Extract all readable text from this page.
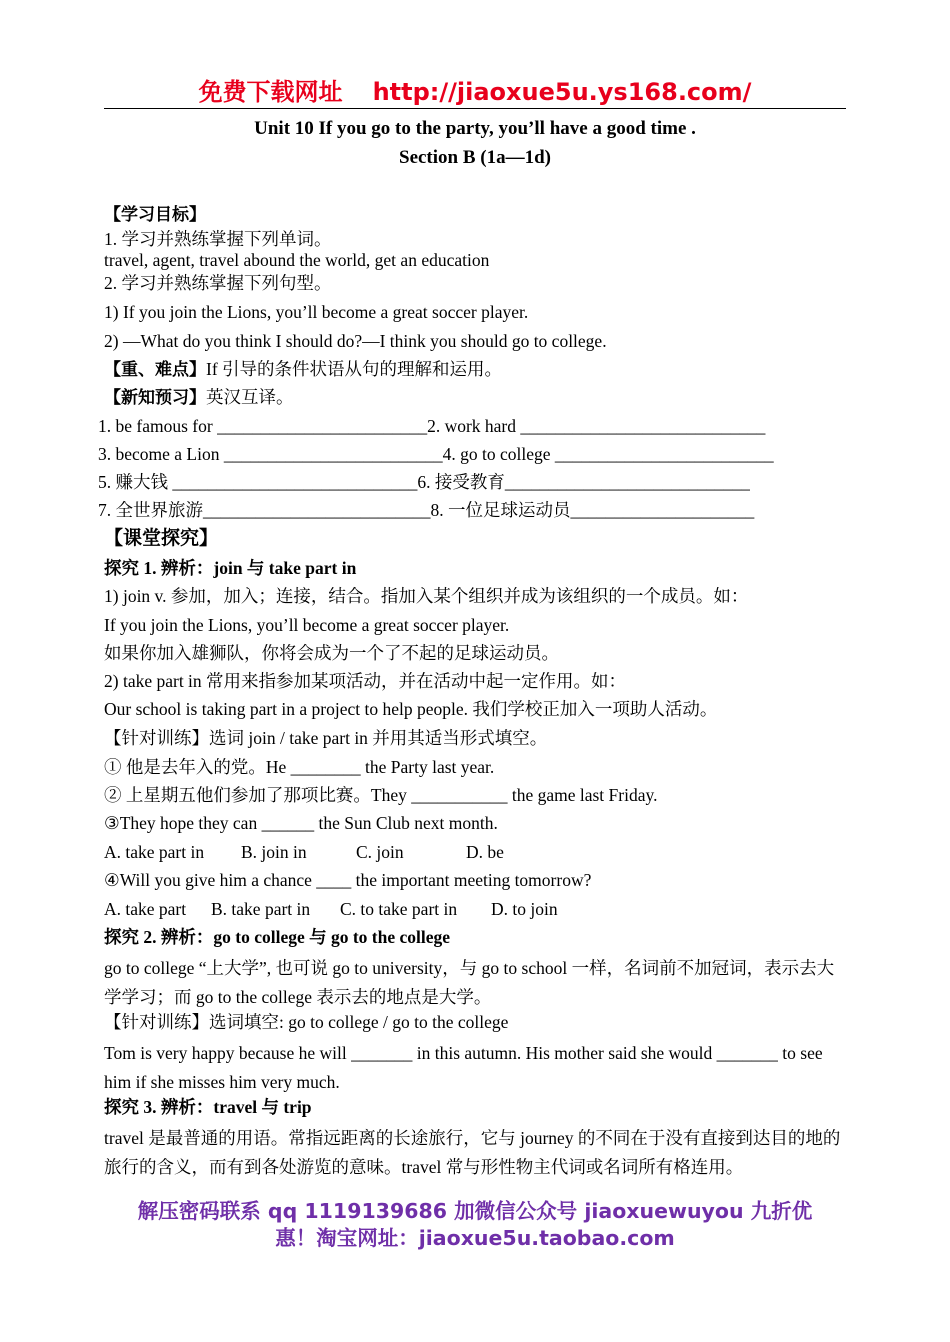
免费下载网址 http://jiaoxue5u.ys168.com/
Unit 10 If you go to the party, you’ll have a good time .
Section B (1a—1d)
【学习目标】
1. 学习并熟练掌握下列单词。
travel, agent, travel abound the world, get an education
2. 学习并熟练掌握下列句型。
1) If you join the Lions, you’ll become a great soccer player.
2) —What do you think I should do?—I think you should go to college.
【重、难点】If 引导的条件状语从句的理解和运用。
【新知预习】英汉互译。
1. be famous for ________________________2. work hard ____________________________
3. become a Lion _________________________4. go to college _________________________
5. 赚大钱 ____________________________6. 接受教育____________________________
7. 全世界旅游__________________________8. 一位足球运动员_____________________
【课堂探究】
探究 1. 辨析：join 与 take part in
1) join v. 参加，加入；连接，结合。指加入某个组织并成为该组织的一个成员。如：
If you join the Lions, you’ll become a great soccer player.
如果你加入雄狮队，你将会成为一个了不起的足球运动员。
2) take part in 常用来指参加某项活动，并在活动中起一定作用。如：
Our school is taking part in a project to help people. 我们学校正加入一项助人活动。
【针对训练】选词 join / take part in 并用其适当形式填空。
① 他是去年入的党。He ________ the Party last year.
② 上星期五他们参加了那项比赛。They ___________ the game last Friday.
③They hope they can ______ the Sun Club next month.
A. take part in B. join in	C. join	D. be
④Will you give him a chance ____ the important meeting tomorrow?
A. take part B. take part in C. to take part in D. to join
探究 2. 辨析：go to college 与 go to the college
go to college “上大学”, 也可说 go to university，与 go to school 一样，名词前不加冠词，表示去大学学习；而 go to the college 表示去的地点是大学。
【针对训练】选词填空: go to college / go to the college
Tom is very happy because he will _______ in this autumn. His mother said she would _______ to see him if she misses him very much.
探究 3. 辨析：travel 与 trip
travel 是最普通的用语。常指远距离的长途旅行，它与 journey 的不同在于没有直接到达目的地的旅行的含义，而有到各处游览的意味。travel 常与形性物主代词或名词所有格连用。
解压密码联系 qq 1119139686 加微信公众号 jiaoxuewuyou 九折优
惠！淘宝网址：jiaoxue5u.taobao.com
